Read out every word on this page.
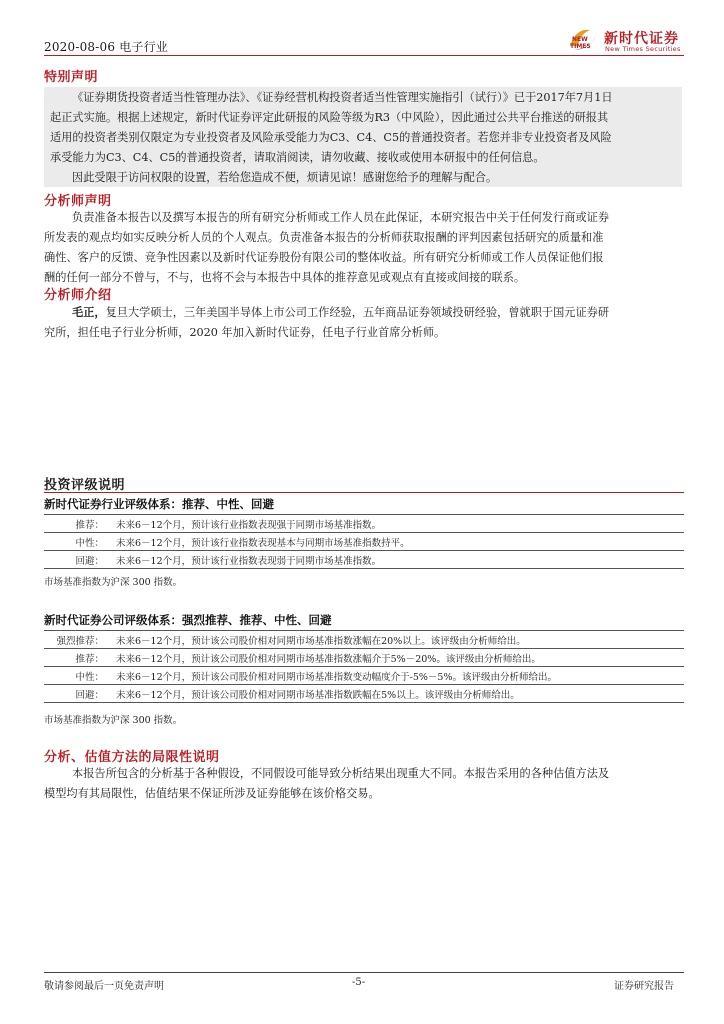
2020-08-06 电子行业
NEW
TIMES 新时代证券
New Times Securities
特别声明

《证券期货投资者适当性管理办法》、《证券经营机构投资者适当性管理实施指引（试行）》已于2017年7月1日

起正式实施。根据上述规定，新时代证券评定此研报的风险等级为R3（中风险），因此通过公共平台推送的研报其

适用的投资者类别仅限定为专业投资者及风险承受能力为C3、C4、C5的普通投资者。若您并非专业投资者及风险

承受能力为C3、C4、C5的普通投资者，请取消阅读，请勿收藏、接收或使用本研报中的任何信息。

因此受限于访问权限的设置，若给您造成不便，烦请见谅！感谢您给予的理解与配合。

分析师声明
负责准备本报告以及撰写本报告的所有研究分析师或工作人员在此保证，本研究报告中关于任何发行商或证券
所发表的观点均如实反映分析人员的个人观点。负责准备本报告的分析师获取报酬的评判因素包括研究的质量和准
确性、客户的反馈、竞争性因素以及新时代证券股份有限公司的整体收益。所有研究分析师或工作人员保证他们报
酬的任何一部分不曾与，不与，也将不会与本报告中具体的推荐意见或观点有直接或间接的联系。
分析师介绍
毛正，复旦大学硕士，三年美国半导体上市公司工作经验，五年商品证券领域投研经验，曾就职于国元证券研
究所，担任电子行业分析师，2020 年加入新时代证券，任电子行业首席分析师。
投资评级说明
新时代证券行业评级体系：推荐、中性、回避
推荐：	未来6－12个月，预计该行业指数表现强于同期市场基准指数。
中性：	未来6－12个月，预计该行业指数表现基本与同期市场基准指数持平。
回避：	未来6－12个月，预计该行业指数表现弱于同期市场基准指数。
市场基准指数为沪深 300 指数。
新时代证券公司评级体系：强烈推荐、推荐、中性、回避
强烈推荐：	未来6－12个月，预计该公司股价相对同期市场基准指数涨幅在20%以上。该评级由分析师给出。
推荐：	未来6－12个月，预计该公司股价相对同期市场基准指数涨幅介于5%－20%。该评级由分析师给出。
中性：	未来6－12个月，预计该公司股价相对同期市场基准指数变动幅度介于-5%－5%。该评级由分析师给出。
回避：	未来6－12个月，预计该公司股价相对同期市场基准指数跌幅在5%以上。该评级由分析师给出。
市场基准指数为沪深 300 指数。
分析、估值方法的局限性说明
本报告所包含的分析基于各种假设，不同假设可能导致分析结果出现重大不同。本报告采用的各种估值方法及
模型均有其局限性，估值结果不保证所涉及证券能够在该价格交易。
敬请参阅最后一页免责声明	-5-	证券研究报告
